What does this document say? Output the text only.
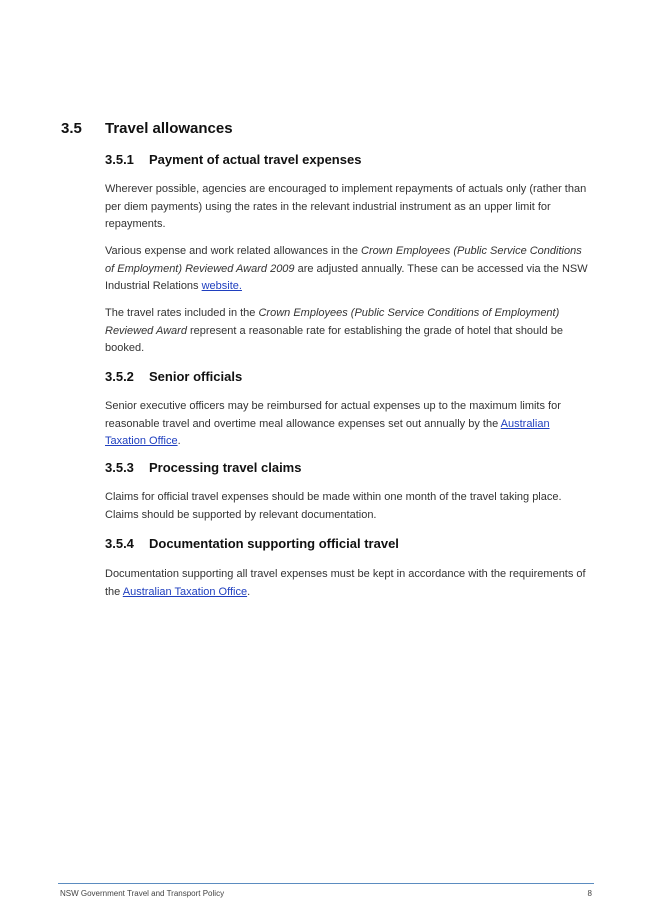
3.5 Travel allowances
3.5.1 Payment of actual travel expenses

Wherever possible, agencies are encouraged to implement repayments of actuals only (rather than per diem payments) using the rates in the relevant industrial instrument as an upper limit for repayments.

Various expense and work related allowances in the Crown Employees (Public Service Conditions of Employment) Reviewed Award 2009 are adjusted annually. These can be accessed via the NSW Industrial Relations website.

The travel rates included in the Crown Employees (Public Service Conditions of Employment) Reviewed Award represent a reasonable rate for establishing the grade of hotel that should be booked.

3.5.2 Senior officials

Senior executive officers may be reimbursed for actual expenses up to the maximum limits for reasonable travel and overtime meal allowance expenses set out annually by the Australian Taxation Office.

3.5.3 Processing travel claims

Claims for official travel expenses should be made within one month of the travel taking place. Claims should be supported by relevant documentation.

3.5.4 Documentation supporting official travel

Documentation supporting all travel expenses must be kept in accordance with the requirements of the Australian Taxation Office.

NSW Government Travel and Transport Policy	8
